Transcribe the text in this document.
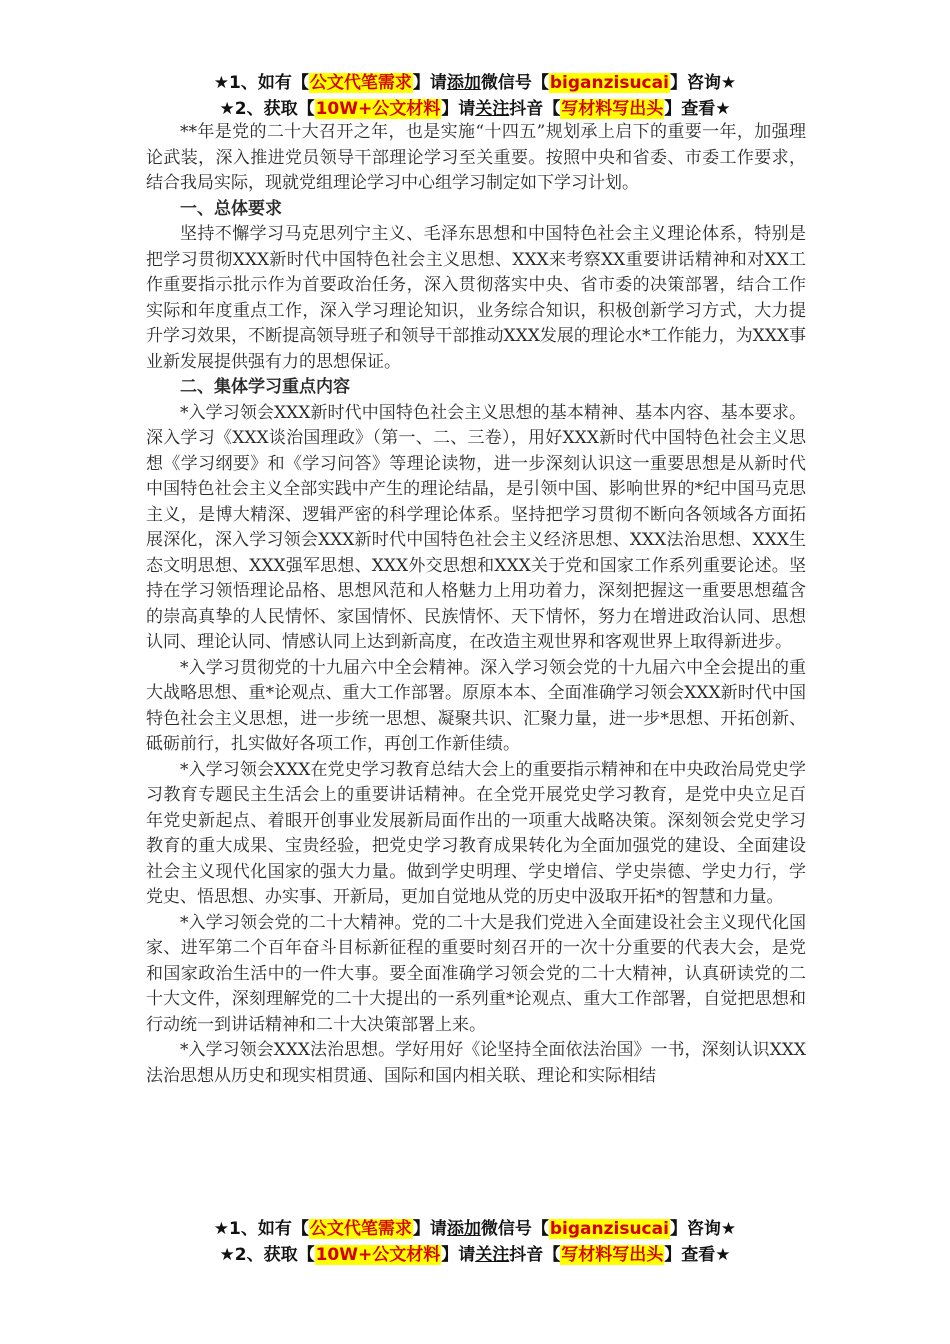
★1、如有【公文代笔需求】请添加微信号【biganzisucai】咨询★
★2、获取【10W+公文材料】请关注抖音【写材料写出头】查看★

**年是党的二十大召开之年，也是实施“十四五”规划承上启下的重要一年，加强理论武装，深入推进党员领导干部理论学习至关重要。按照中央和省委、市委工作要求，结合我局实际，现就党组理论学习中心组学习制定如下学习计划。

一、总体要求

坚持不懈学习马克思列宁主义、毛泽东思想和中国特色社会主义理论体系，特别是把学习贯彻XXX新时代中国特色社会主义思想、XXX来考察XX重要讲话精神和对XX工作重要指示批示作为首要政治任务，深入贯彻落实中央、省市委的决策部署，结合工作实际和年度重点工作，深入学习理论知识，业务综合知识，积极创新学习方式，大力提升学习效果，不断提高领导班子和领导干部推动XXX发展的理论水*工作能力，为XXX事业新发展提供强有力的思想保证。

二、集体学习重点内容

*入学习领会XXX新时代中国特色社会主义思想的基本精神、基本内容、基本要求。深入学习《XXX谈治国理政》（第一、二、三卷），用好XXX新时代中国特色社会主义思想《学习纲要》和《学习问答》等理论读物，进一步深刻认识这一重要思想是从新时代中国特色社会主义全部实践中产生的理论结晶，是引领中国、影响世界的*纪中国马克思主义，是博大精深、逻辑严密的科学理论体系。坚持把学习贯彻不断向各领域各方面拓展深化，深入学习领会XXX新时代中国特色社会主义经济思想、XXX法治思想、XXX生态文明思想、XXX强军思想、XXX外交思想和XXX关于党和国家工作系列重要论述。坚持在学习领悟理论品格、思想风范和人格魅力上用功着力，深刻把握这一重要思想蕴含的崇高真挚的人民情怀、家国情怀、民族情怀、天下情怀，努力在增进政治认同、思想认同、理论认同、情感认同上达到新高度，在改造主观世界和客观世界上取得新进步。

*入学习贯彻党的十九届六中全会精神。深入学习领会党的十九届六中全会提出的重大战略思想、重*论观点、重大工作部署。原原本本、全面准确学习领会XXX新时代中国特色社会主义思想，进一步统一思想、凝聚共识、汇聚力量，进一步*思想、开拓创新、砥砺前行，扎实做好各项工作，再创工作新佳绩。

*入学习领会XXX在党史学习教育总结大会上的重要指示精神和在中央政治局党史学习教育专题民主生活会上的重要讲话精神。在全党开展党史学习教育，是党中央立足百年党史新起点、着眼开创事业发展新局面作出的一项重大战略决策。深刻领会党史学习教育的重大成果、宝贵经验，把党史学习教育成果转化为全面加强党的建设、全面建设社会主义现代化国家的强大力量。做到学史明理、学史增信、学史崇德、学史力行，学党史、悟思想、办实事、开新局，更加自觉地从党的历史中汲取开拓*的智慧和力量。

*入学习领会党的二十大精神。党的二十大是我们党进入全面建设社会主义现代化国家、进军第二个百年奋斗目标新征程的重要时刻召开的一次十分重要的代表大会，是党和国家政治生活中的一件大事。要全面准确学习领会党的二十大精神，认真研读党的二十大文件，深刻理解党的二十大提出的一系列重*论观点、重大工作部署，自觉把思想和行动统一到讲话精神和二十大决策部署上来。

*入学习领会XXX法治思想。学好用好《论坚持全面依法治国》一书，深刻认识XXX法治思想从历史和现实相贯通、国际和国内相关联、理论和实际相结

★1、如有【公文代笔需求】请添加微信号【biganzisucai】咨询★
★2、获取【10W+公文材料】请关注抖音【写材料写出头】查看★
